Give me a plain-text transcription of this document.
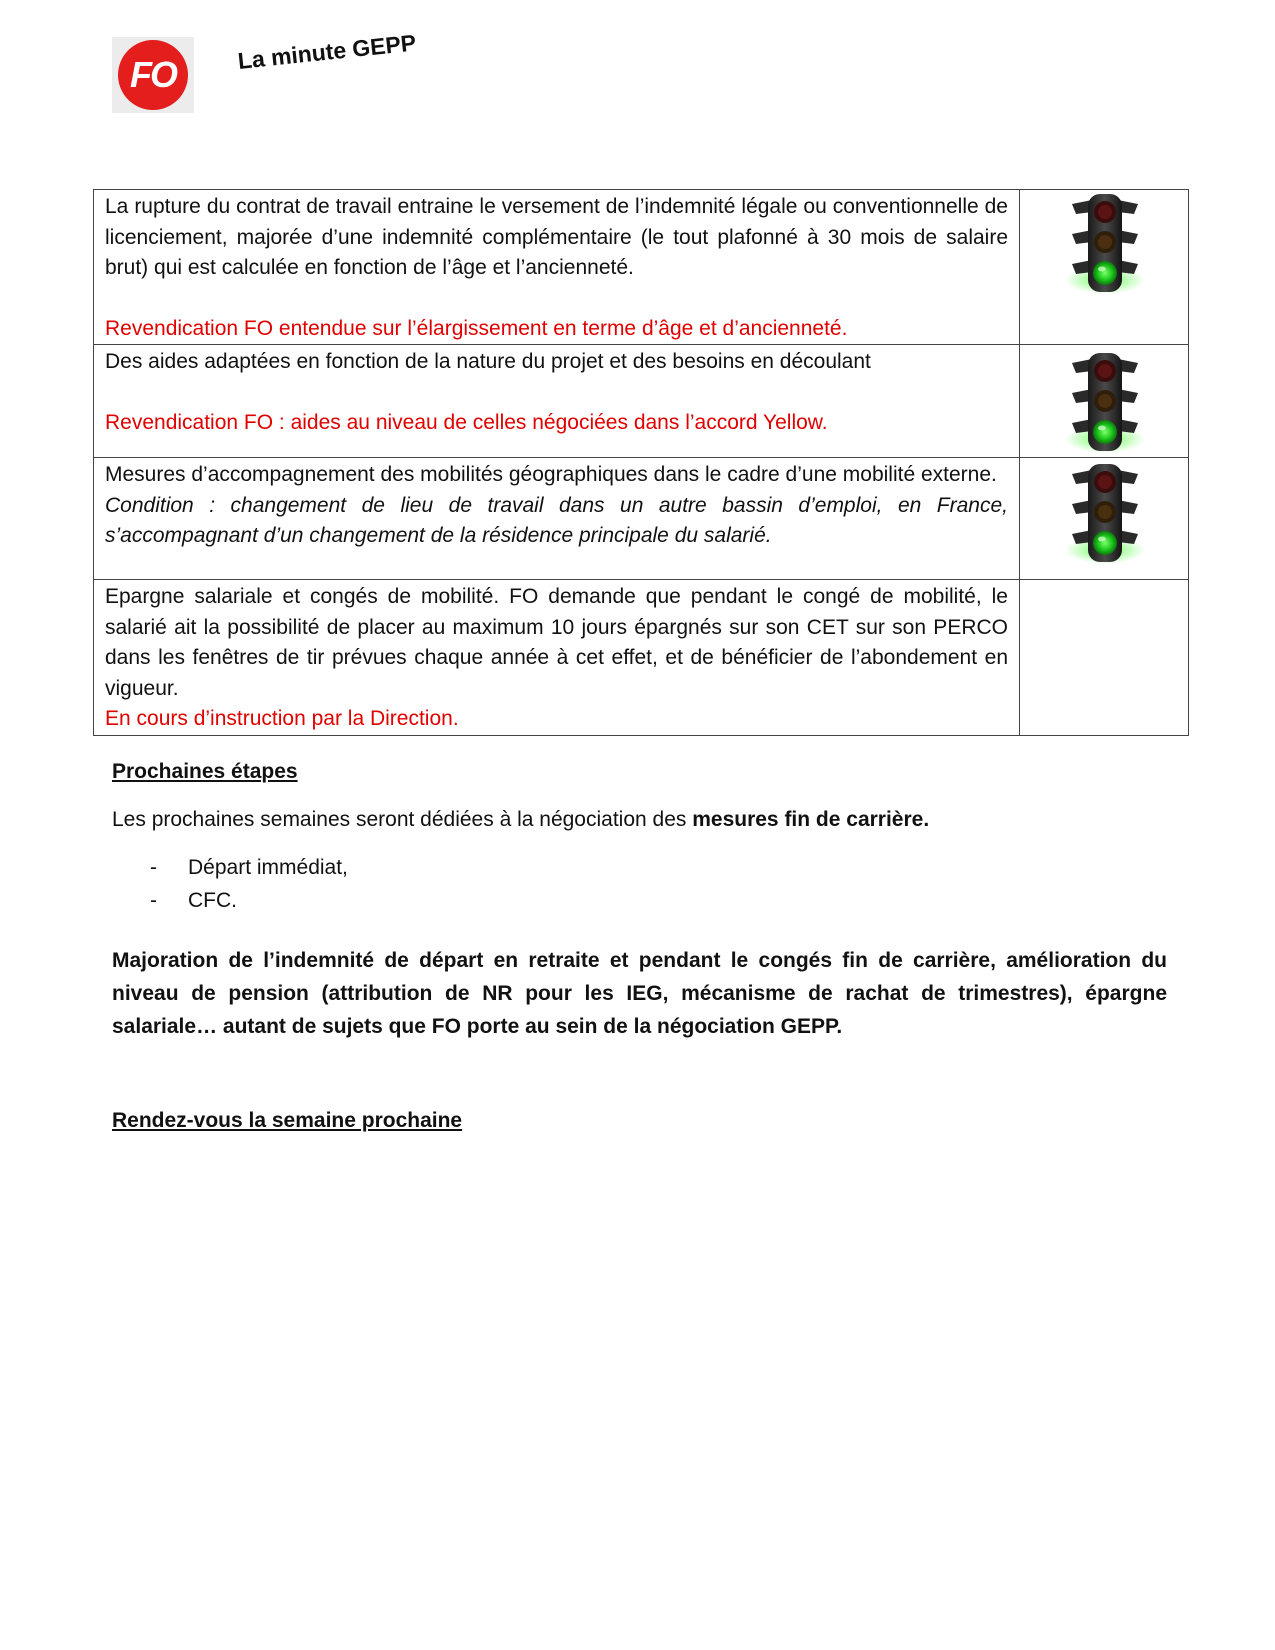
FO
La minute GEPP
La rupture du contrat de travail entraine le versement de l’indemnité légale ou conventionnelle de licenciement, majorée d’une indemnité complémentaire (le tout plafonné à 30 mois de salaire brut) qui est calculée en fonction de l’âge et l’ancienneté.
Revendication FO entendue sur l’élargissement en terme d’âge et d’ancienneté.

Des aides adaptées en fonction de la nature du projet et des besoins en découlant
Revendication FO : aides au niveau de celles négociées dans l’accord Yellow.

Mesures d’accompagnement des mobilités géographiques dans le cadre d’une mobilité externe.
Condition : changement de lieu de travail dans un autre bassin d’emploi, en France, s’accompagnant d’un changement de la résidence principale du salarié.

Epargne salariale et congés de mobilité. FO demande que pendant le congé de mobilité, le salarié ait la possibilité de placer au maximum 10 jours épargnés sur son CET sur son PERCO dans les fenêtres de tir prévues chaque année à cet effet, et de bénéficier de l’abondement en vigueur.
En cours d’instruction par la Direction.	

Prochaines étapes
Les prochaines semaines seront dédiées à la négociation des mesures fin de carrière.
- Départ immédiat,
- CFC.
Majoration de l’indemnité de départ en retraite et pendant le congés fin de carrière, amélioration du niveau de pension (attribution de NR pour les IEG, mécanisme de rachat de trimestres), épargne salariale… autant de sujets que FO porte au sein de la négociation GEPP.
Rendez-vous la semaine prochaine
